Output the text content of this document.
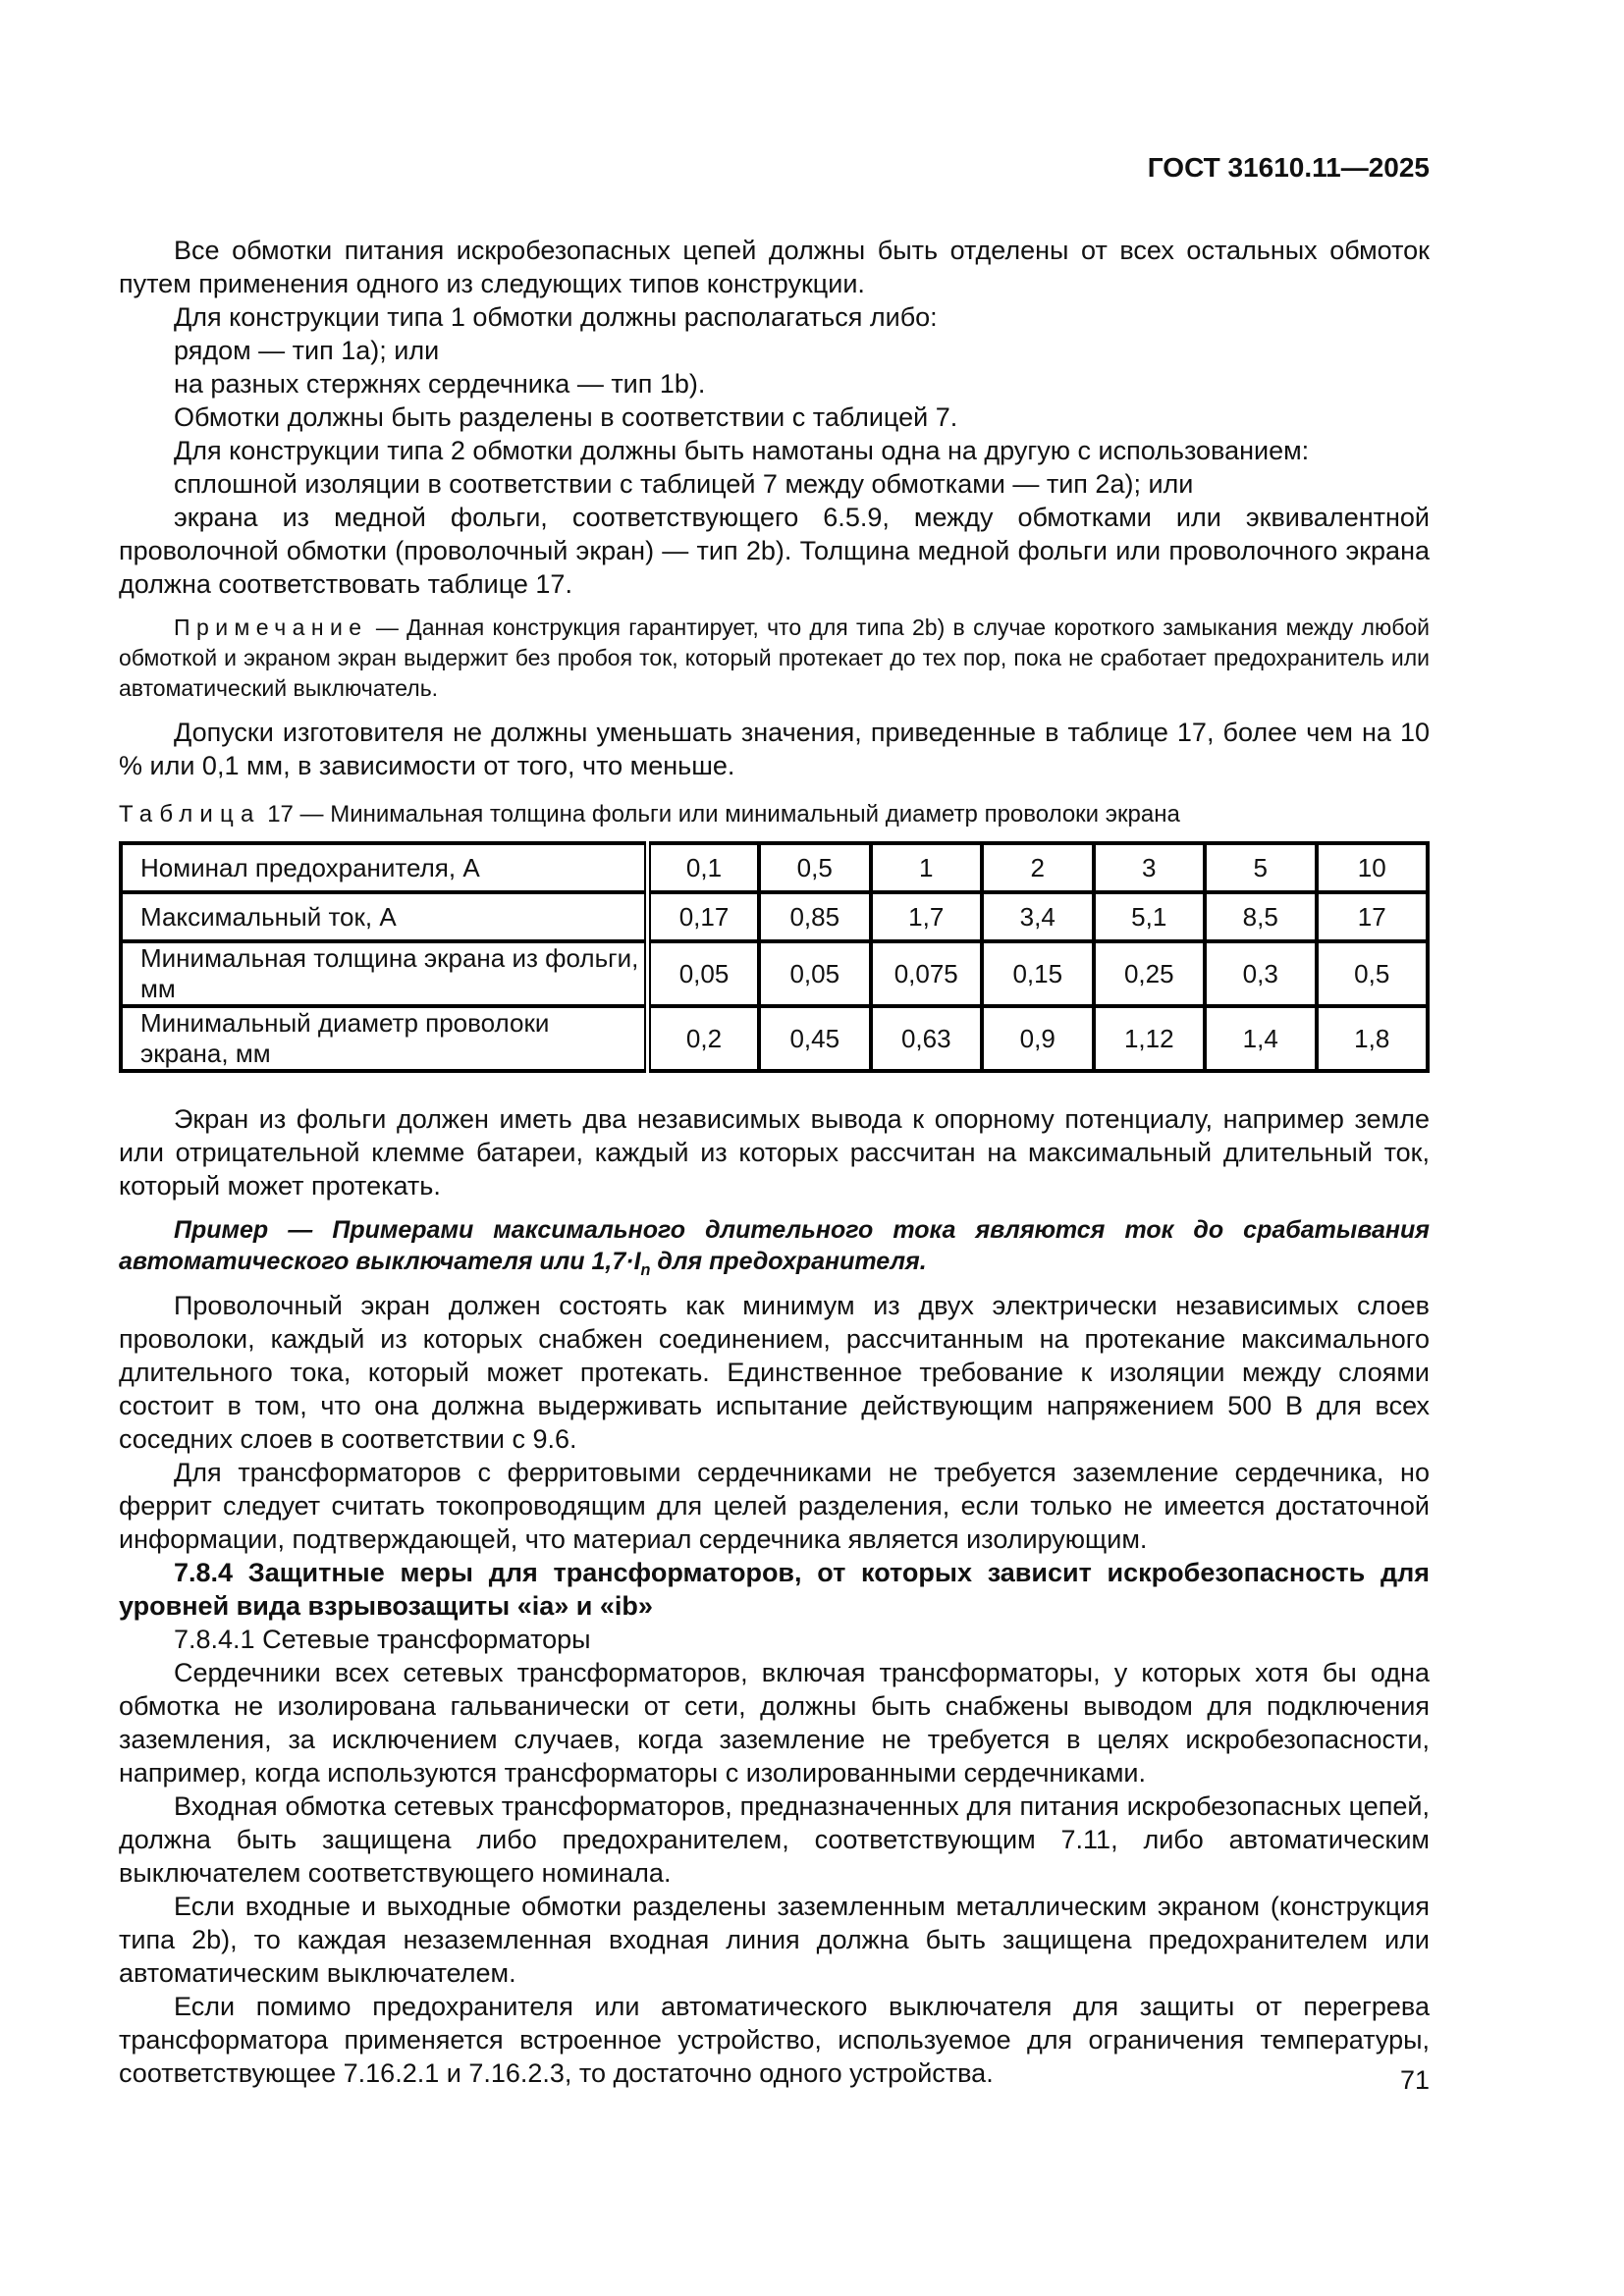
ГОСТ 31610.11—2025

Все обмотки питания искробезопасных цепей должны быть отделены от всех остальных обмоток путем применения одного из следующих типов конструкции.

Для конструкции типа 1 обмотки должны располагаться либо:

рядом — тип 1a); или

на разных стержнях сердечника — тип 1b).

Обмотки должны быть разделены в соответствии с таблицей 7.

Для конструкции типа 2 обмотки должны быть намотаны одна на другую с использованием:

сплошной изоляции в соответствии с таблицей 7 между обмотками — тип 2а); или

экрана из медной фольги, соответствующего 6.5.9, между обмотками или эквивалентной проволочной обмотки (проволочный экран) — тип 2b). Толщина медной фольги или проволочного экрана должна соответствовать таблице 17.

Примечание — Данная конструкция гарантирует, что для типа 2b) в случае короткого замыкания между любой обмоткой и экраном экран выдержит без пробоя ток, который протекает до тех пор, пока не сработает предохранитель или автоматический выключатель.

Допуски изготовителя не должны уменьшать значения, приведенные в таблице 17, более чем на 10 % или 0,1 мм, в зависимости от того, что меньше.

Таблица 17 — Минимальная толщина фольги или минимальный диаметр проволоки экрана

Номинал предохранителя, А	0,1	0,5	1	2	3	5	10
Максимальный ток, А	0,17	0,85	1,7	3,4	5,1	8,5	17
Минимальная толщина экрана из фольги, мм	0,05	0,05	0,075	0,15	0,25	0,3	0,5
Минимальный диаметр проволоки экрана, мм	0,2	0,45	0,63	0,9	1,12	1,4	1,8

Экран из фольги должен иметь два независимых вывода к опорному потенциалу, например земле или отрицательной клемме батареи, каждый из которых рассчитан на максимальный длительный ток, который может протекать.

Пример — Примерами максимального длительного тока являются ток до срабатывания автоматического выключателя или $1,7\cdot I_n$ для предохранителя.

Проволочный экран должен состоять как минимум из двух электрически независимых слоев проволоки, каждый из которых снабжен соединением, рассчитанным на протекание максимального длительного тока, который может протекать. Единственное требование к изоляции между слоями состоит в том, что она должна выдерживать испытание действующим напряжением 500 В для всех соседних слоев в соответствии с 9.6.

Для трансформаторов с ферритовыми сердечниками не требуется заземление сердечника, но феррит следует считать токопроводящим для целей разделения, если только не имеется достаточной информации, подтверждающей, что материал сердечника является изолирующим.

7.8.4 Защитные меры для трансформаторов, от которых зависит искробезопасность для уровней вида взрывозащиты «ia» и «ib»

7.8.4.1 Сетевые трансформаторы

Сердечники всех сетевых трансформаторов, включая трансформаторы, у которых хотя бы одна обмотка не изолирована гальванически от сети, должны быть снабжены выводом для подключения заземления, за исключением случаев, когда заземление не требуется в целях искробезопасности, например, когда используются трансформаторы с изолированными сердечниками.

Входная обмотка сетевых трансформаторов, предназначенных для питания искробезопасных цепей, должна быть защищена либо предохранителем, соответствующим 7.11, либо автоматическим выключателем соответствующего номинала.

Если входные и выходные обмотки разделены заземленным металлическим экраном (конструкция типа 2b), то каждая незаземленная входная линия должна быть защищена предохранителем или автоматическим выключателем.

Если помимо предохранителя или автоматического выключателя для защиты от перегрева трансформатора применяется встроенное устройство, используемое для ограничения температуры, соответствующее 7.16.2.1 и 7.16.2.3, то достаточно одного устройства.	71
